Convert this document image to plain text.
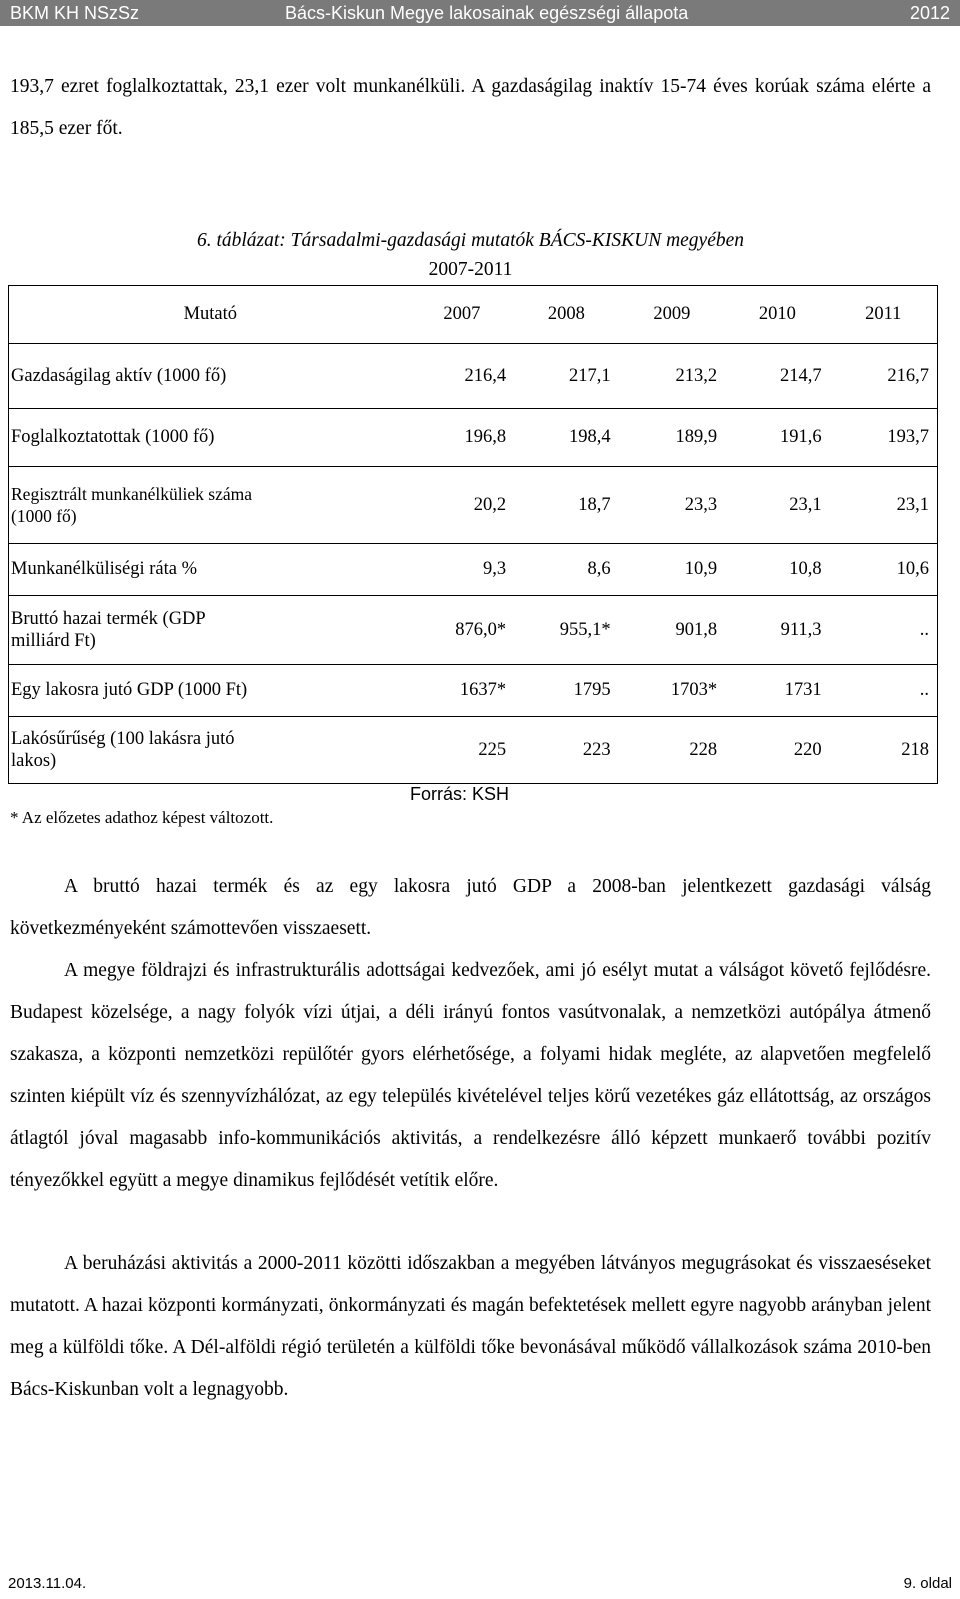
BKM KH NSzSz	Bács-Kiskun Megye lakosainak egészségi állapota	2012
193,7 ezret foglalkoztattak, 23,1 ezer volt munkanélküli. A gazdaságilag inaktív 15-74 éves korúak száma elérte a 185,5 ezer főt.
6. táblázat: Társadalmi-gazdasági mutatók BÁCS-KISKUN megyében
2007-2011
Mutató	2007	2008	2009	2010	2011
Gazdaságilag aktív (1000 fő)	216,4	217,1	213,2	214,7	216,7
Foglalkoztatottak (1000 fő)	196,8	198,4	189,9	191,6	193,7
Regisztrált munkanélküliek száma (1000 fő)	20,2	18,7	23,3	23,1	23,1
Munkanélküliségi ráta %	9,3	8,6	10,9	10,8	10,6
Bruttó hazai termék (GDP milliárd Ft)	876,0*	955,1*	901,8	911,3	..
Egy lakosra jutó GDP (1000 Ft)	1637*	1795	1703*	1731	..
Lakósűrűség (100 lakásra jutó lakos)	225	223	228	220	218
Forrás: KSH
* Az előzetes adathoz képest változott.
A bruttó hazai termék és az egy lakosra jutó GDP a 2008-ban jelentkezett gazdasági válság következményeként számottevően visszaesett.
A megye földrajzi és infrastrukturális adottságai kedvezőek, ami jó esélyt mutat a válságot követő fejlődésre. Budapest közelsége, a nagy folyók vízi útjai, a déli irányú fontos vasútvonalak, a nemzetközi autópálya átmenő szakasza, a központi nemzetközi repülőtér gyors elérhetősége, a folyami hidak megléte, az alapvetően megfelelő szinten kiépült víz és szennyvízhálózat, az egy település kivételével teljes körű vezetékes gáz ellátottság, az országos átlagtól jóval magasabb info-kommunikációs aktivitás, a rendelkezésre álló képzett munkaerő további pozitív tényezőkkel együtt a megye dinamikus fejlődését vetítik előre.
A beruházási aktivitás a 2000-2011 közötti időszakban a megyében látványos megugrásokat és visszaeséseket mutatott. A hazai központi kormányzati, önkormányzati és magán befektetések mellett egyre nagyobb arányban jelent meg a külföldi tőke. A Dél-alföldi régió területén a külföldi tőke bevonásával működő vállalkozások száma 2010-ben Bács-Kiskunban volt a legnagyobb.
2013.11.04.	9. oldal
